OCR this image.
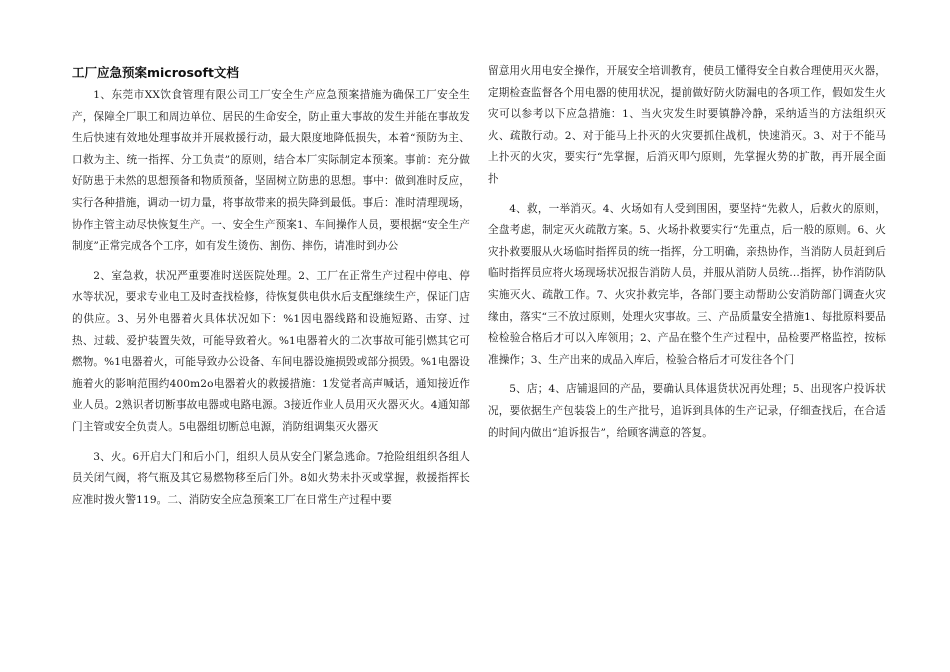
工厂应急预案microsoft文档

1、东莞市XX饮食管理有限公司工厂安全生产应急预案措施为确保工厂安全生产，保障全厂职工和周边单位、居民的生命安全，防止重大事故的发生并能在事故发生后快速有效地处理事故并开展救援行动，最大限度地降低损失，本着“预防为主、口救为主、统一指挥、分工负责”的原则，结合本厂实际制定本预案。事前：充分做好防患于未然的思想预备和物质预备，坚固树立防患的思想。事中：做到准时反应，实行各种措施，调动一切力量，将事故带来的损失降到最低。事后：准时清理现场，协作主管主动尽快恢复生产。一、安全生产预案1、车间操作人员，要根据“安全生产制度”正常完成各个工序，如有发生烫伤、割伤、摔伤，请准时到办公

2、室急救，状况严重要准时送医院处理。2、工厂在正常生产过程中停电、停水等状况，要求专业电工及时查找检修，待恢复供电供水后支配继续生产，保证门店的供应。3、另外电器着火具体状况如下：%1因电器线路和设施短路、击穿、过热、过载、爱护装置失效，可能导致着火。%1电器着火的二次事故可能引燃其它可燃物。%1电器着火，可能导致办公设备、车间电器设施损毁或部分损毁。%1电器设施着火的影响范围约400m2o电器着火的救援措施：1发觉者高声喊话，通知接近作业人员。2熟识者切断事故电器或电路电源。3接近作业人员用灭火器灭火。4通知部门主管或安全负责人。5电器组切断总电源，消防组调集灭火器灭

3、火。6开启大门和后小门，组织人员从安全门紧急逃命。7抢险组组织各组人员关闭气阀，将气瓶及其它易燃物移至后门外。8如火势未扑灭或掌握，救援指挥长应准时拨火警119。二、消防安全应急预案工厂在日常生产过程中要

留意用火用电安全操作，开展安全培训教育，使员工懂得安全自救合理使用灭火器，定期检查监督各个用电器的使用状况，提前做好防火防漏电的各项工作，假如发生火灾可以参考以下应急措施：1、当火灾发生时要镇静冷静，采纳适当的方法组织灭火、疏散行动。2、对于能马上扑灭的火灾要抓住战机，快速消灭。3、对于不能马上扑灭的火灾，要实行“先掌握，后消灭叩勺原则，先掌握火势的扩散，再开展全面扑

4、救，一举消灭。4、火场如有人受到围困，要坚持“先救人，后救火的原则，全盘考虑，制定灭火疏散方案。5、火场扑救要实行“先重点，后一般的原则。6、火灾扑救要服从火场临时指挥员的统一指挥，分工明确，亲热协作，当消防人员赶到后临时指挥员应将火场现场状况报告消防人员，并服从消防人员统…指挥，协作消防队实施灭火、疏散工作。7、火灾扑救完毕，各部门要主动帮助公安消防部门调查火灾缘由，落实“三不放过原则，处理火灾事故。三、产品质量安全措施1、每批原料要品检检验合格后才可以入库领用；2、产品在整个生产过程中，品检要严格监控，按标准操作；3、生产出来的成品入库后，检验合格后才可发往各个门

5、店；4、店铺退回的产品，要确认具体退货状况再处理；5、出现客户投诉状况，要依据生产包装袋上的生产批号，追诉到具体的生产记录，仔细查找后，在合适的时间内做出“追诉报告”，给顾客满意的答复。
